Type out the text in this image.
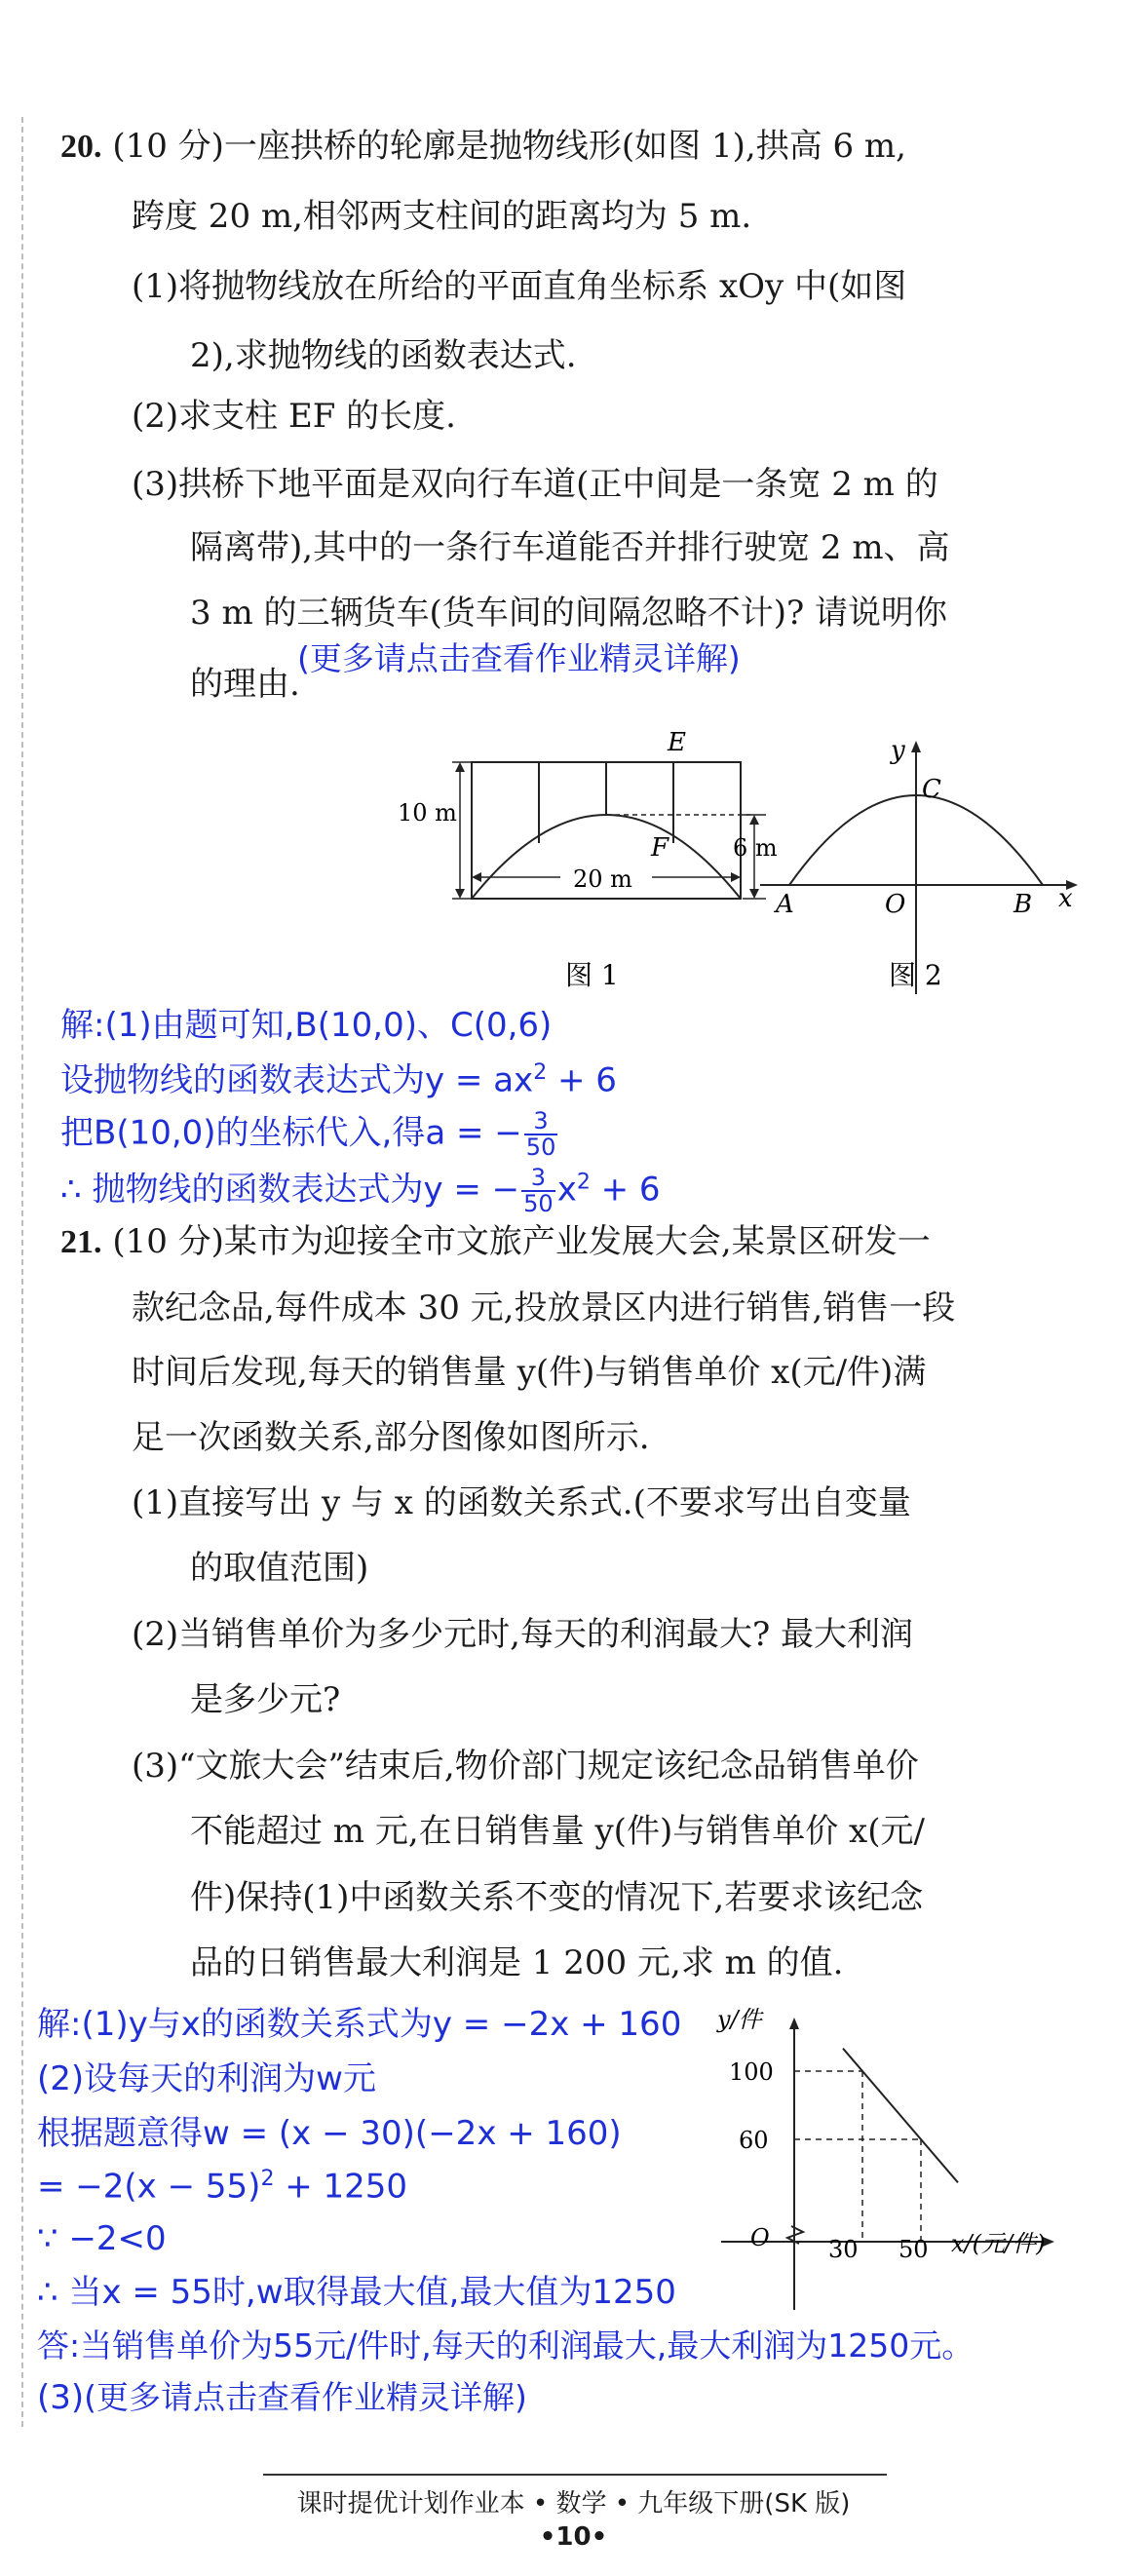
20. (10 分)一座拱桥的轮廓是抛物线形(如图 1),拱高 6 m,
跨度 20 m,相邻两支柱间的距离均为 5 m.
(1)将抛物线放在所给的平面直角坐标系 xOy 中(如图
2),求抛物线的函数表达式.
(2)求支柱 EF 的长度.
(3)拱桥下地平面是双向行车道(正中间是一条宽 2 m 的
隔离带),其中的一条行车道能否并排行驶宽 2 m、高
3 m 的三辆货车(货车间的间隔忽略不计)? 请说明你
(更多请点击查看作业精灵详解)
的理由.
20 m
10 m
6 m
E
F
图 1
y
x
C
A	O	B
图 2
解:(1)由题可知,B(10,0)、C(0,6)
设抛物线的函数表达式为$y = ax^2 + 6$
把B(10,0)的坐标代入,得a = − $\frac{3}{50}$
∴ 抛物线的函数表达式为y = − $\frac{3}{50} x^2 + 6$
21. (10 分)某市为迎接全市文旅产业发展大会,某景区研发一
款纪念品,每件成本 30 元,投放景区内进行销售,销售一段
时间后发现,每天的销售量 y(件)与销售单价 x(元/件)满
足一次函数关系,部分图像如图所示.
(1)直接写出 y 与 x 的函数关系式.(不要求写出自变量
的取值范围)
(2)当销售单价为多少元时,每天的利润最大? 最大利润
是多少元?
(3)“文旅大会”结束后,物价部门规定该纪念品销售单价
不能超过 m 元,在日销售量 y(件)与销售单价 x(元/
件)保持(1)中函数关系不变的情况下,若要求该纪念
品的日销售最大利润是 1 200 元,求 m 的值.
y/件
x/(元/件)
O
100
60
30 50
解:(1)y与x的函数关系式为y = −2x + 160
(2)设每天的利润为w元
根据题意得w = (x − 30)(−2x + 160)
= $-2(x - 55)^2 + 1250$
∵ −2<0
∴ 当x = 55时,w取得最大值,最大值为1250
答:当销售单价为55元/件时,每天的利润最大,最大利润为1250元。
(3)(更多请点击查看作业精灵详解)
课时提优计划作业本 • 数学 • 九年级下册(SK 版)
•10•
